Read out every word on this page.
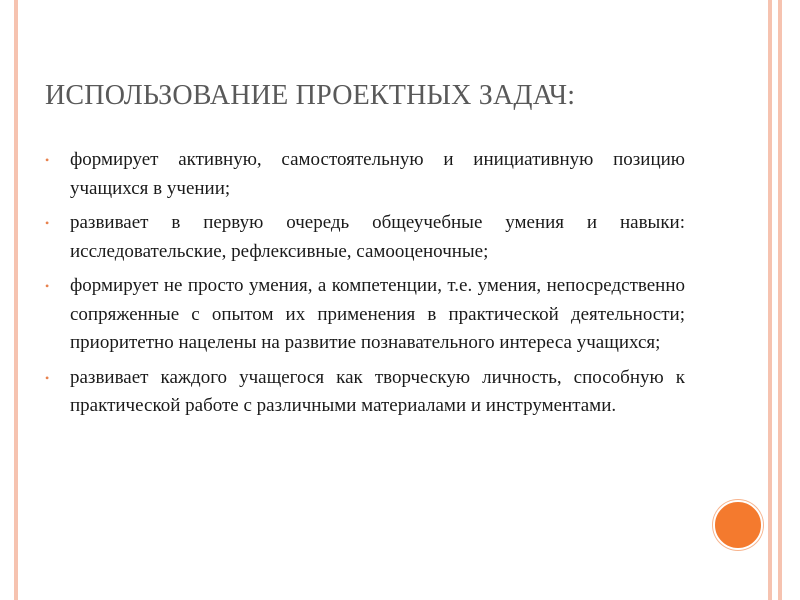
ИСПОЛЬЗОВАНИЕ ПРОЕКТНЫХ ЗАДАЧ:
• формирует активную, самостоятельную и инициативную позицию учащихся в учении;
• развивает в первую очередь общеучебные умения и навыки: исследовательские, рефлексивные, самооценочные;
• формирует не просто умения, а компетенции, т.е. умения, непосредственно сопряженные с опытом их применения в практической деятельности; приоритетно нацелены на развитие познавательного интереса учащихся;
• развивает каждого учащегося как творческую личность, способную к практической работе с различными материалами и инструментами.
